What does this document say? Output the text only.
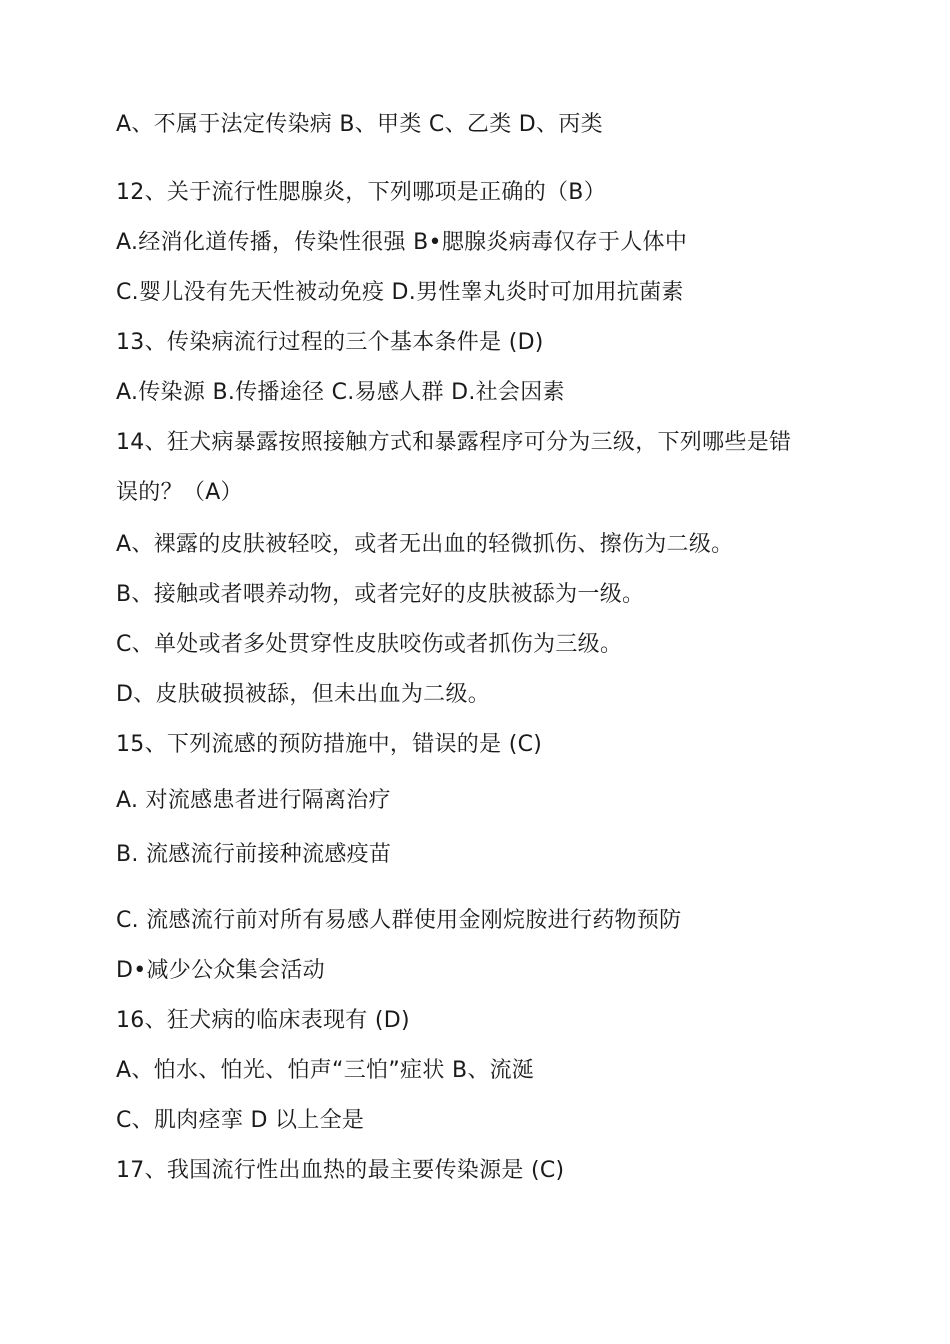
A、不属于法定传染病 B、甲类 C、乙类 D、丙类
12、关于流行性腮腺炎，下列哪项是正确的（B）
A.经消化道传播，传染性很强 B•腮腺炎病毒仅存于人体中
C.婴儿没有先天性被动免疫 D.男性睾丸炎时可加用抗菌素
13、传染病流行过程的三个基本条件是 (D)
A.传染源 B.传播途径 C.易感人群 D.社会因素
14、狂犬病暴露按照接触方式和暴露程序可分为三级，下列哪些是错
误的？（A）
A、裸露的皮肤被轻咬，或者无出血的轻微抓伤、擦伤为二级。
B、接触或者喂养动物，或者完好的皮肤被舔为一级。
C、单处或者多处贯穿性皮肤咬伤或者抓伤为三级。
D、皮肤破损被舔，但未出血为二级。
15、下列流感的预防措施中，错误的是 (C)
A. 对流感患者进行隔离治疗
B. 流感流行前接种流感疫苗
C. 流感流行前对所有易感人群使用金刚烷胺进行药物预防
D•减少公众集会活动
16、狂犬病的临床表现有 (D)
A、怕水、怕光、怕声“三怕”症状 B、流涎
C、肌肉痉挛 D 以上全是
17、我国流行性出血热的最主要传染源是 (C)
